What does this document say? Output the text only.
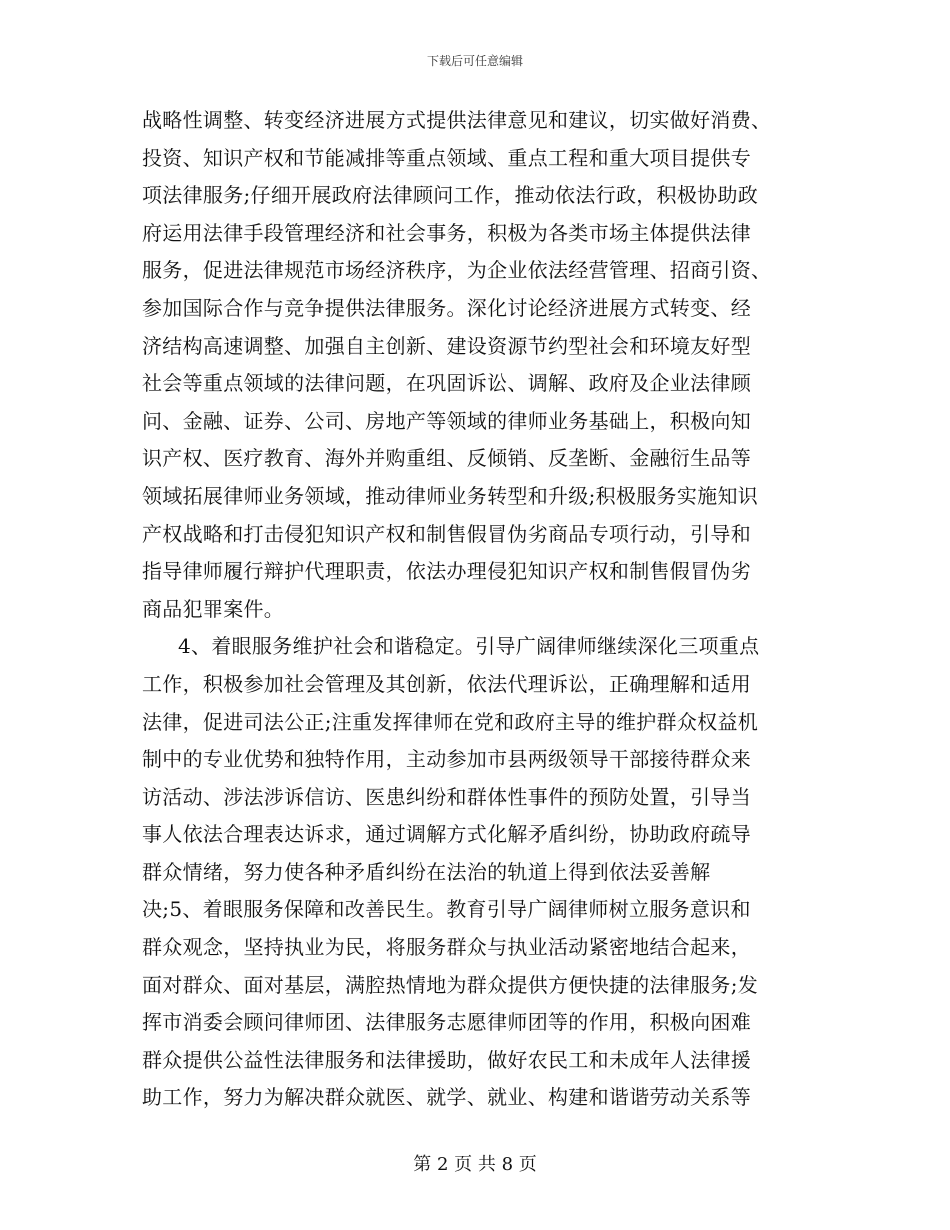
下载后可任意编辑
战略性调整、转变经济进展方式提供法律意见和建议，切实做好消费、
投资、知识产权和节能减排等重点领域、重点工程和重大项目提供专
项法律服务;仔细开展政府法律顾问工作，推动依法行政，积极协助政
府运用法律手段管理经济和社会事务，积极为各类市场主体提供法律
服务，促进法律规范市场经济秩序，为企业依法经营管理、招商引资、
参加国际合作与竞争提供法律服务。深化讨论经济进展方式转变、经
济结构高速调整、加强自主创新、建设资源节约型社会和环境友好型
社会等重点领域的法律问题，在巩固诉讼、调解、政府及企业法律顾
问、金融、证券、公司、房地产等领域的律师业务基础上，积极向知
识产权、医疗教育、海外并购重组、反倾销、反垄断、金融衍生品等
领域拓展律师业务领域，推动律师业务转型和升级;积极服务实施知识
产权战略和打击侵犯知识产权和制售假冒伪劣商品专项行动，引导和
指导律师履行辩护代理职责，依法办理侵犯知识产权和制售假冒伪劣
商品犯罪案件。
4、着眼服务维护社会和谐稳定。引导广阔律师继续深化三项重点
工作，积极参加社会管理及其创新，依法代理诉讼，正确理解和适用
法律，促进司法公正;注重发挥律师在党和政府主导的维护群众权益机
制中的专业优势和独特作用，主动参加市县两级领导干部接待群众来
访活动、涉法涉诉信访、医患纠纷和群体性事件的预防处置，引导当
事人依法合理表达诉求，通过调解方式化解矛盾纠纷，协助政府疏导
群众情绪，努力使各种矛盾纠纷在法治的轨道上得到依法妥善解
决;5、着眼服务保障和改善民生。教育引导广阔律师树立服务意识和
群众观念，坚持执业为民，将服务群众与执业活动紧密地结合起来，
面对群众、面对基层，满腔热情地为群众提供方便快捷的法律服务;发
挥市消委会顾问律师团、法律服务志愿律师团等的作用，积极向困难
群众提供公益性法律服务和法律援助，做好农民工和未成年人法律援
助工作，努力为解决群众就医、就学、就业、构建和谐谐劳动关系等
第 2 页 共 8 页
